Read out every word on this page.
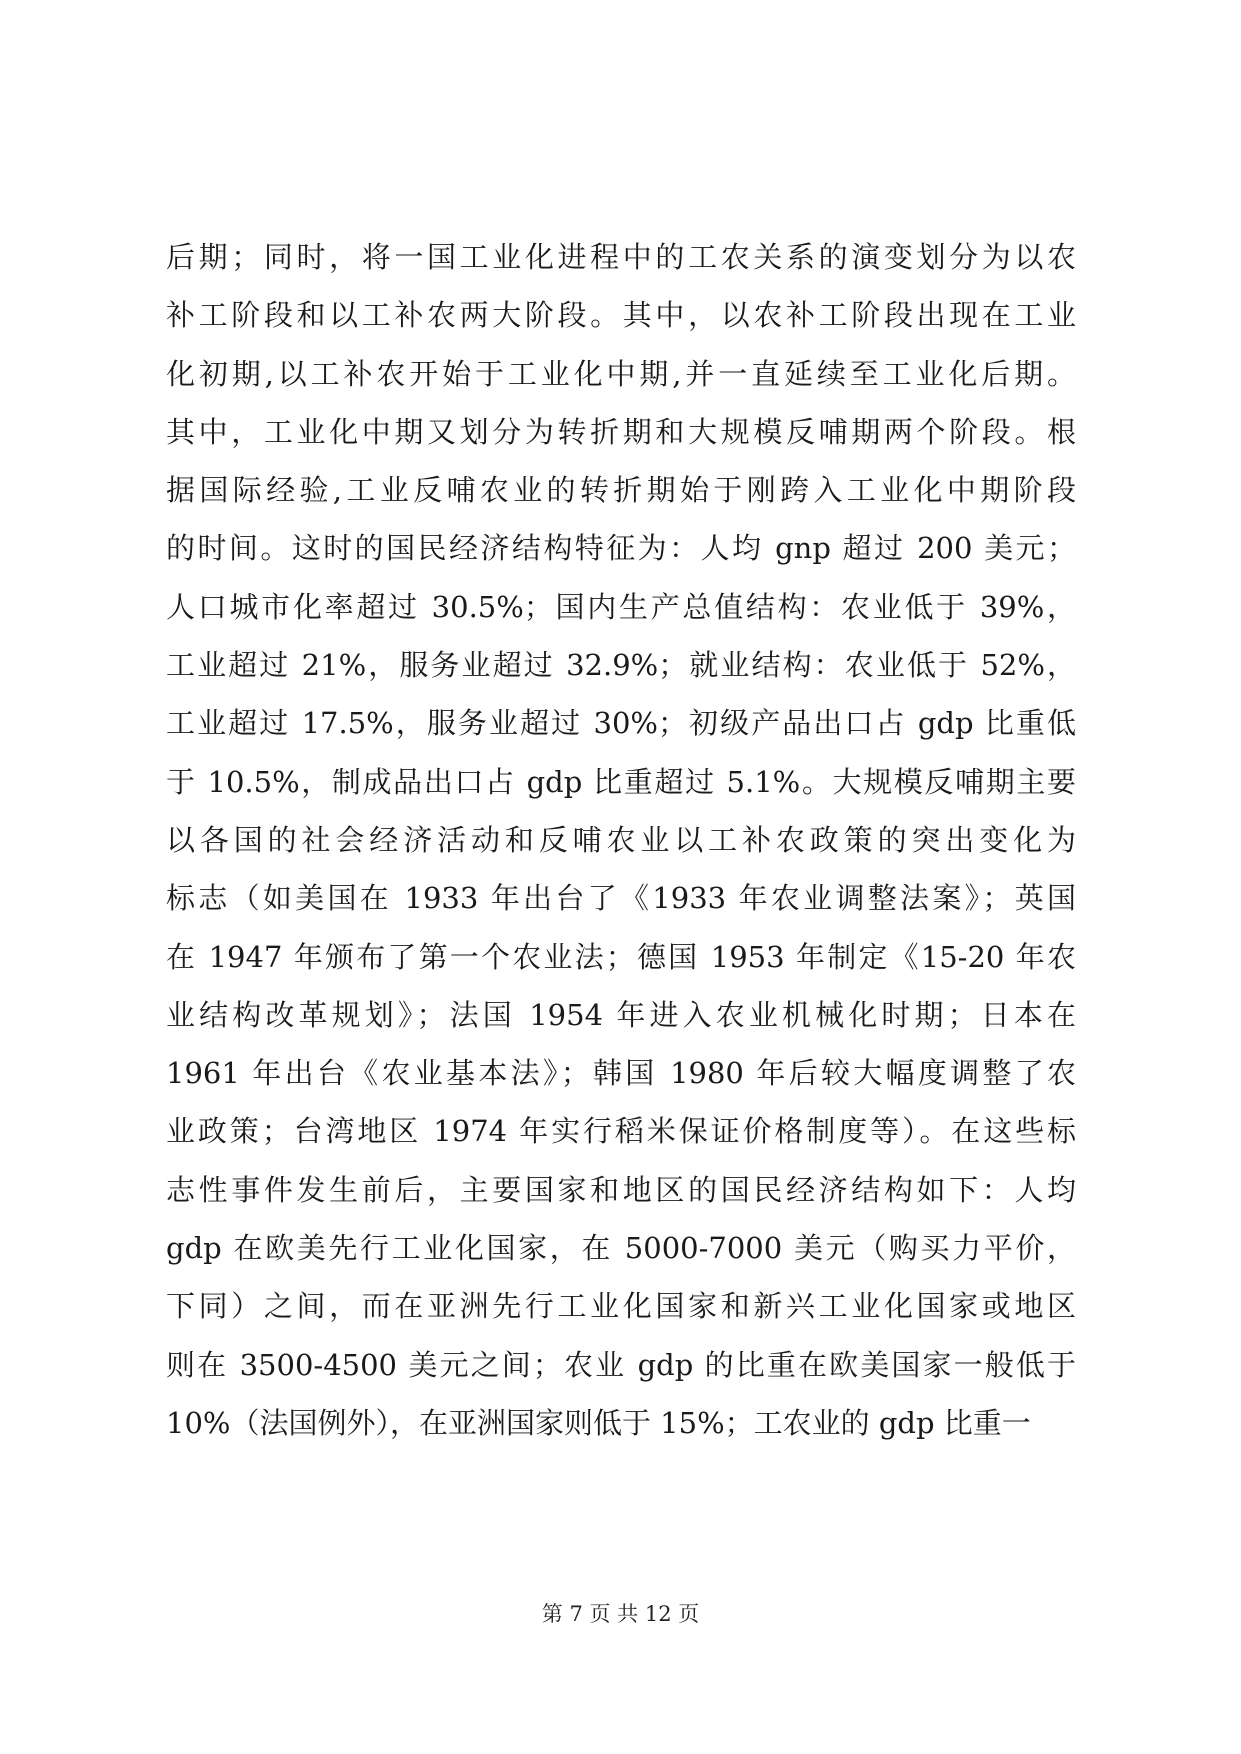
后期；同时，将一国工业化进程中的工农关系的演变划分为以农
补工阶段和以工补农两大阶段。其中，以农补工阶段出现在工业
化初期,以工补农开始于工业化中期,并一直延续至工业化后期。
其中，工业化中期又划分为转折期和大规模反哺期两个阶段。根
据国际经验,工业反哺农业的转折期始于刚跨入工业化中期阶段
的时间。这时的国民经济结构特征为：人均 gnp 超过 200 美元；
人口城市化率超过 30.5%；国内生产总值结构：农业低于 39%，
工业超过 21%，服务业超过 32.9%；就业结构：农业低于 52%，
工业超过 17.5%，服务业超过 30%；初级产品出口占 gdp 比重低
于 10.5%，制成品出口占 gdp 比重超过 5.1%。大规模反哺期主要
以各国的社会经济活动和反哺农业以工补农政策的突出变化为
标志（如美国在 1933 年出台了《1933 年农业调整法案》；英国
在 1947 年颁布了第一个农业法；德国 1953 年制定《15-20 年农
业结构改革规划》；法国 1954 年进入农业机械化时期；日本在
1961 年出台《农业基本法》；韩国 1980 年后较大幅度调整了农
业政策；台湾地区 1974 年实行稻米保证价格制度等）。在这些标
志性事件发生前后，主要国家和地区的国民经济结构如下：人均
gdp 在欧美先行工业化国家，在 5000-7000 美元（购买力平价，
下同）之间，而在亚洲先行工业化国家和新兴工业化国家或地区
则在 3500-4500 美元之间；农业 gdp 的比重在欧美国家一般低于
10%（法国例外），在亚洲国家则低于 15%；工农业的 gdp 比重一
第 7 页 共 12 页
